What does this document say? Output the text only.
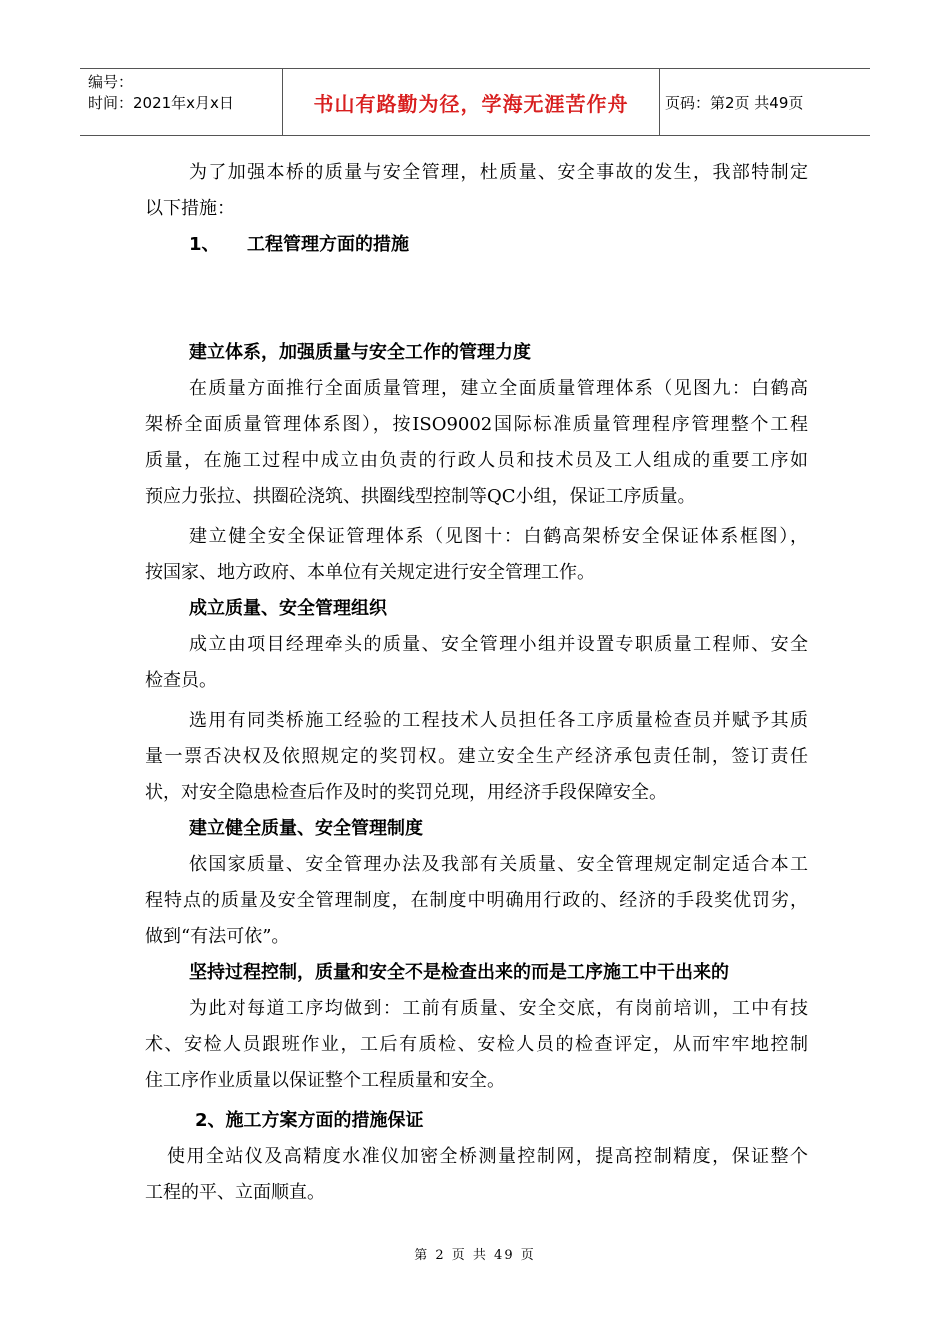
编号：
时间：2021年x月x日	书山有路勤为径，学海无涯苦作舟	页码：第2页 共49页
为了加强本桥的质量与安全管理，杜质量、安全事故的发生，我部特制定
以下措施：
1、 工程管理方面的措施
建立体系，加强质量与安全工作的管理力度
在质量方面推行全面质量管理，建立全面质量管理体系（见图九：白鹤高
架桥全面质量管理体系图），按ISO9002国际标准质量管理程序管理整个工程
质量，在施工过程中成立由负责的行政人员和技术员及工人组成的重要工序如
预应力张拉、拱圈砼浇筑、拱圈线型控制等QC小组，保证工序质量。
建立健全安全保证管理体系（见图十：白鹤高架桥安全保证体系框图），
按国家、地方政府、本单位有关规定进行安全管理工作。
成立质量、安全管理组织
成立由项目经理牵头的质量、安全管理小组并设置专职质量工程师、安全
检查员。
选用有同类桥施工经验的工程技术人员担任各工序质量检查员并赋予其质
量一票否决权及依照规定的奖罚权。建立安全生产经济承包责任制，签订责任
状，对安全隐患检查后作及时的奖罚兑现，用经济手段保障安全。
建立健全质量、安全管理制度
依国家质量、安全管理办法及我部有关质量、安全管理规定制定适合本工
程特点的质量及安全管理制度，在制度中明确用行政的、经济的手段奖优罚劣，
做到“有法可依”。
坚持过程控制，质量和安全不是检查出来的而是工序施工中干出来的
为此对每道工序均做到：工前有质量、安全交底，有岗前培训，工中有技
术、安检人员跟班作业，工后有质检、安检人员的检查评定，从而牢牢地控制
住工序作业质量以保证整个工程质量和安全。
2、施工方案方面的措施保证
使用全站仪及高精度水准仪加密全桥测量控制网，提高控制精度，保证整个
工程的平、立面顺直。
第 2 页 共 49 页
